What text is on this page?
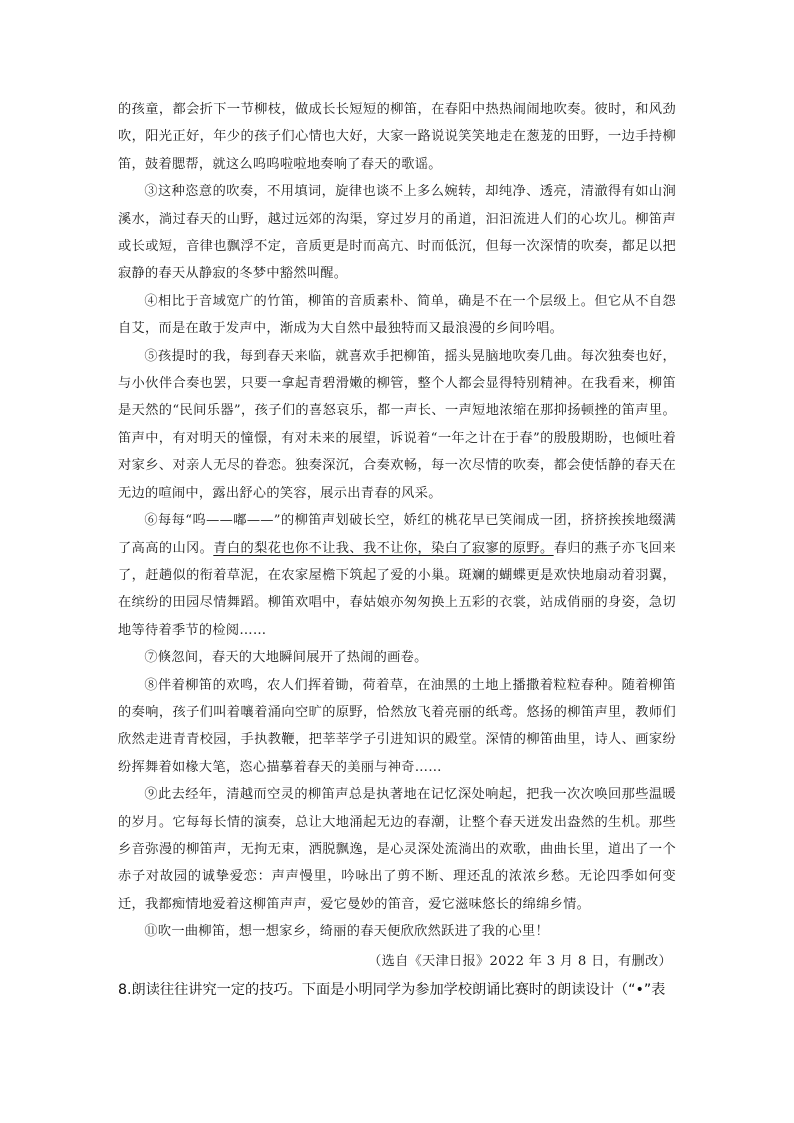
的孩童，都会折下一节柳枝，做成长长短短的柳笛，在春阳中热热闹闹地吹奏。彼时，和风劲吹，阳光正好，年少的孩子们心情也大好，大家一路说说笑笑地走在葱茏的田野，一边手持柳笛，鼓着腮帮，就这么呜呜啦啦地奏响了春天的歌谣。

③这种恣意的吹奏，不用填词，旋律也谈不上多么婉转，却纯净、透亮，清澈得有如山涧溪水，淌过春天的山野，越过远郊的沟渠，穿过岁月的甬道，汩汩流进人们的心坎儿。柳笛声或长或短，音律也飘浮不定，音质更是时而高亢、时而低沉，但每一次深情的吹奏，都足以把寂静的春天从静寂的冬梦中豁然叫醒。

④相比于音域宽广的竹笛，柳笛的音质素朴、简单，确是不在一个层级上。但它从不自怨自艾，而是在敢于发声中，渐成为大自然中最独特而又最浪漫的乡间吟唱。

⑤孩提时的我，每到春天来临，就喜欢手把柳笛，摇头晃脑地吹奏几曲。每次独奏也好，与小伙伴合奏也罢，只要一拿起青碧滑嫩的柳管，整个人都会显得特别精神。在我看来，柳笛是天然的“民间乐器”，孩子们的喜怒哀乐，都一声长、一声短地浓缩在那抑扬顿挫的笛声里。笛声中，有对明天的憧憬，有对未来的展望，诉说着“一年之计在于春”的殷殷期盼，也倾吐着对家乡、对亲人无尽的眷恋。独奏深沉，合奏欢畅，每一次尽情的吹奏，都会使恬静的春天在无边的喧闹中，露出舒心的笑容，展示出青春的风采。

⑥每每“呜——嘟——”的柳笛声划破长空，娇红的桃花早已笑闹成一团，挤挤挨挨地缀满了高高的山冈。青白的梨花也你不让我、我不让你，染白了寂寥的原野。春归的燕子亦飞回来了，赶趟似的衔着草泥，在农家屋檐下筑起了爱的小巢。斑斓的蝴蝶更是欢快地扇动着羽翼，在缤纷的田园尽情舞蹈。柳笛欢唱中，春姑娘亦匆匆换上五彩的衣裳，站成俏丽的身姿，急切地等待着季节的检阅……

⑦倏忽间，春天的大地瞬间展开了热闹的画卷。

⑧伴着柳笛的欢鸣，农人们挥着锄，荷着草，在油黑的土地上播撒着粒粒春种。随着柳笛的奏响，孩子们叫着嚷着涌向空旷的原野，恰然放飞着亮丽的纸鸢。悠扬的柳笛声里，教师们欣然走进青青校园，手执教鞭，把莘莘学子引进知识的殿堂。深情的柳笛曲里，诗人、画家纷纷挥舞着如椽大笔，恣心描摹着春天的美丽与神奇……

⑨此去经年，清越而空灵的柳笛声总是执著地在记忆深处响起，把我一次次唤回那些温暖的岁月。它每每长情的演奏，总让大地涌起无边的春潮，让整个春天迸发出盎然的生机。那些乡音弥漫的柳笛声，无拘无束，洒脱飘逸，是心灵深处流淌出的欢歌，曲曲长里，道出了一个赤子对故园的诚挚爱恋：声声慢里，吟咏出了剪不断、理还乱的浓浓乡愁。无论四季如何变迁，我都痴情地爱着这柳笛声声，爱它曼妙的笛音，爱它滋味悠长的绵绵乡情。

⑪吹一曲柳笛，想一想家乡，绮丽的春天便欣欣然跃进了我的心里！

（选自《天津日报》2022 年 3 月 8 日，有删改）

8.朗读往往讲究一定的技巧。下面是小明同学为参加学校朗诵比赛时的朗读设计（“•”表
